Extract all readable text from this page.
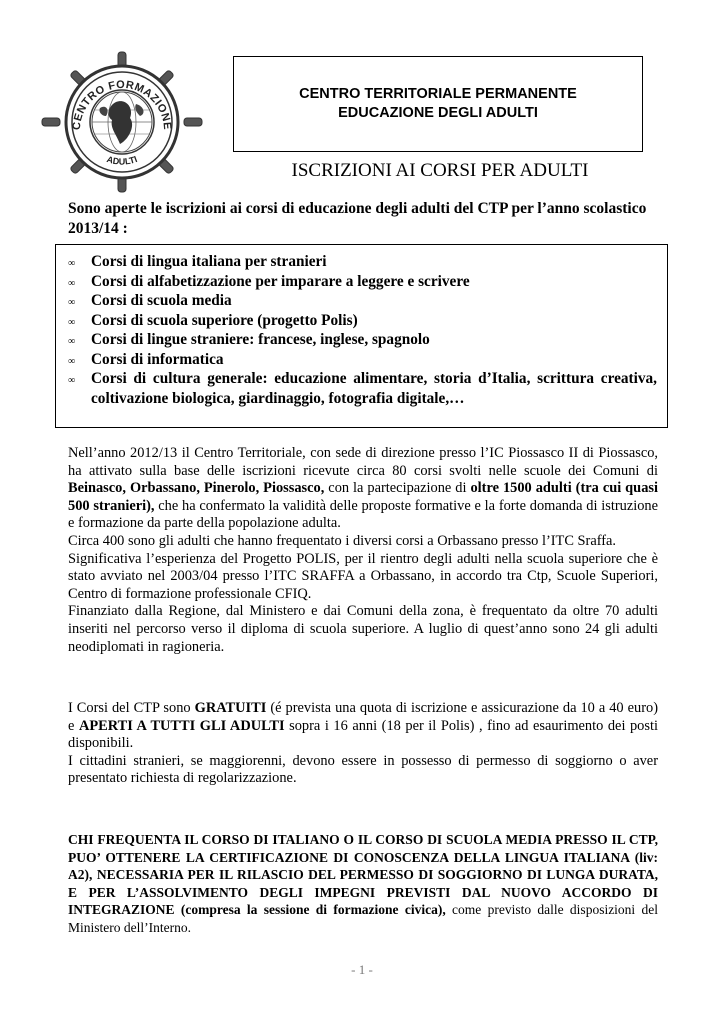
CENTRO FORMAZIONE
ADULTI
CENTRO TERRITORIALE PERMANENTE
EDUCAZIONE DEGLI ADULTI
ISCRIZIONI AI CORSI PER ADULTI
Sono aperte le iscrizioni ai corsi di educazione degli adulti del CTP per l’anno scolastico 2013/14 :
∞ Corsi di lingua italiana per stranieri
∞ Corsi di alfabetizzazione per imparare a leggere e scrivere
∞ Corsi di scuola media
∞ Corsi di scuola superiore (progetto Polis)
∞ Corsi di lingue straniere: francese, inglese, spagnolo
∞ Corsi di informatica
∞ Corsi di cultura generale: educazione alimentare, storia d’Italia, scrittura creativa, coltivazione biologica, giardinaggio, fotografia digitale,…

Nell’anno 2012/13 il Centro Territoriale, con sede di direzione presso l’IC Piossasco II di Piossasco, ha attivato sulla base delle iscrizioni ricevute circa 80 corsi svolti nelle scuole dei Comuni di Beinasco, Orbassano, Pinerolo, Piossasco, con la partecipazione di oltre 1500 adulti (tra cui quasi 500 stranieri), che ha confermato la validità delle proposte formative e la forte domanda di istruzione e formazione da parte della popolazione adulta.

Circa 400 sono gli adulti che hanno frequentato i diversi corsi a Orbassano presso l’ITC Sraffa.

Significativa l’esperienza del Progetto POLIS, per il rientro degli adulti nella scuola superiore che è stato avviato nel 2003/04 presso l’ITC SRAFFA a Orbassano, in accordo tra Ctp, Scuole Superiori, Centro di formazione professionale CFIQ.

Finanziato dalla Regione, dal Ministero e dai Comuni della zona, è frequentato da oltre 70 adulti inseriti nel percorso verso il diploma di scuola superiore. A luglio di quest’anno sono 24 gli adulti neodiplomati in ragioneria.

I Corsi del CTP sono GRATUITI (é prevista una quota di iscrizione e assicurazione da 10 a 40 euro) e APERTI A TUTTI GLI ADULTI sopra i 16 anni (18 per il Polis) , fino ad esaurimento dei posti disponibili.

I cittadini stranieri, se maggiorenni, devono essere in possesso di permesso di soggiorno o aver presentato richiesta di regolarizzazione.

CHI FREQUENTA IL CORSO DI ITALIANO O IL CORSO DI SCUOLA MEDIA PRESSO IL CTP, PUO’ OTTENERE LA CERTIFICAZIONE DI CONOSCENZA DELLA LINGUA ITALIANA (liv: A2), NECESSARIA PER IL RILASCIO DEL PERMESSO DI SOGGIORNO DI LUNGA DURATA, E PER L’ASSOLVIMENTO DEGLI IMPEGNI PREVISTI DAL NUOVO ACCORDO DI INTEGRAZIONE (compresa la sessione di formazione civica), come previsto dalle disposizioni del Ministero dell’Interno.
- 1 -
